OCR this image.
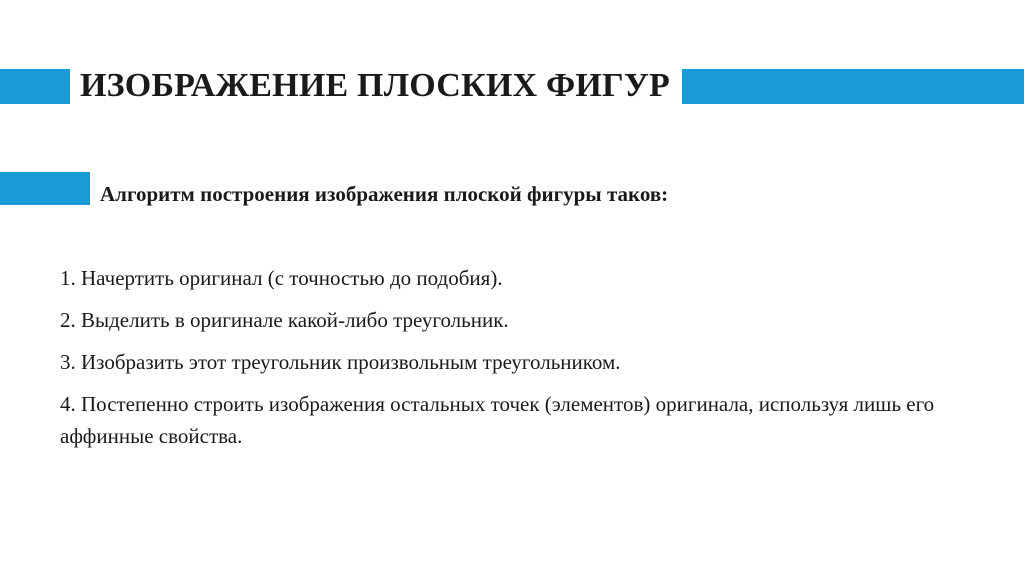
ИЗОБРАЖЕНИЕ ПЛОСКИХ ФИГУР
Алгоритм построения изображения плоской фигуры таков:
1. Начертить оригинал (с точностью до подобия).
2. Выделить в оригинале какой-либо треугольник.
3. Изобразить этот треугольник произвольным треугольником.
4. Постепенно строить изображения остальных точек (элементов) оригинала, используя лишь его аффинные свойства.
